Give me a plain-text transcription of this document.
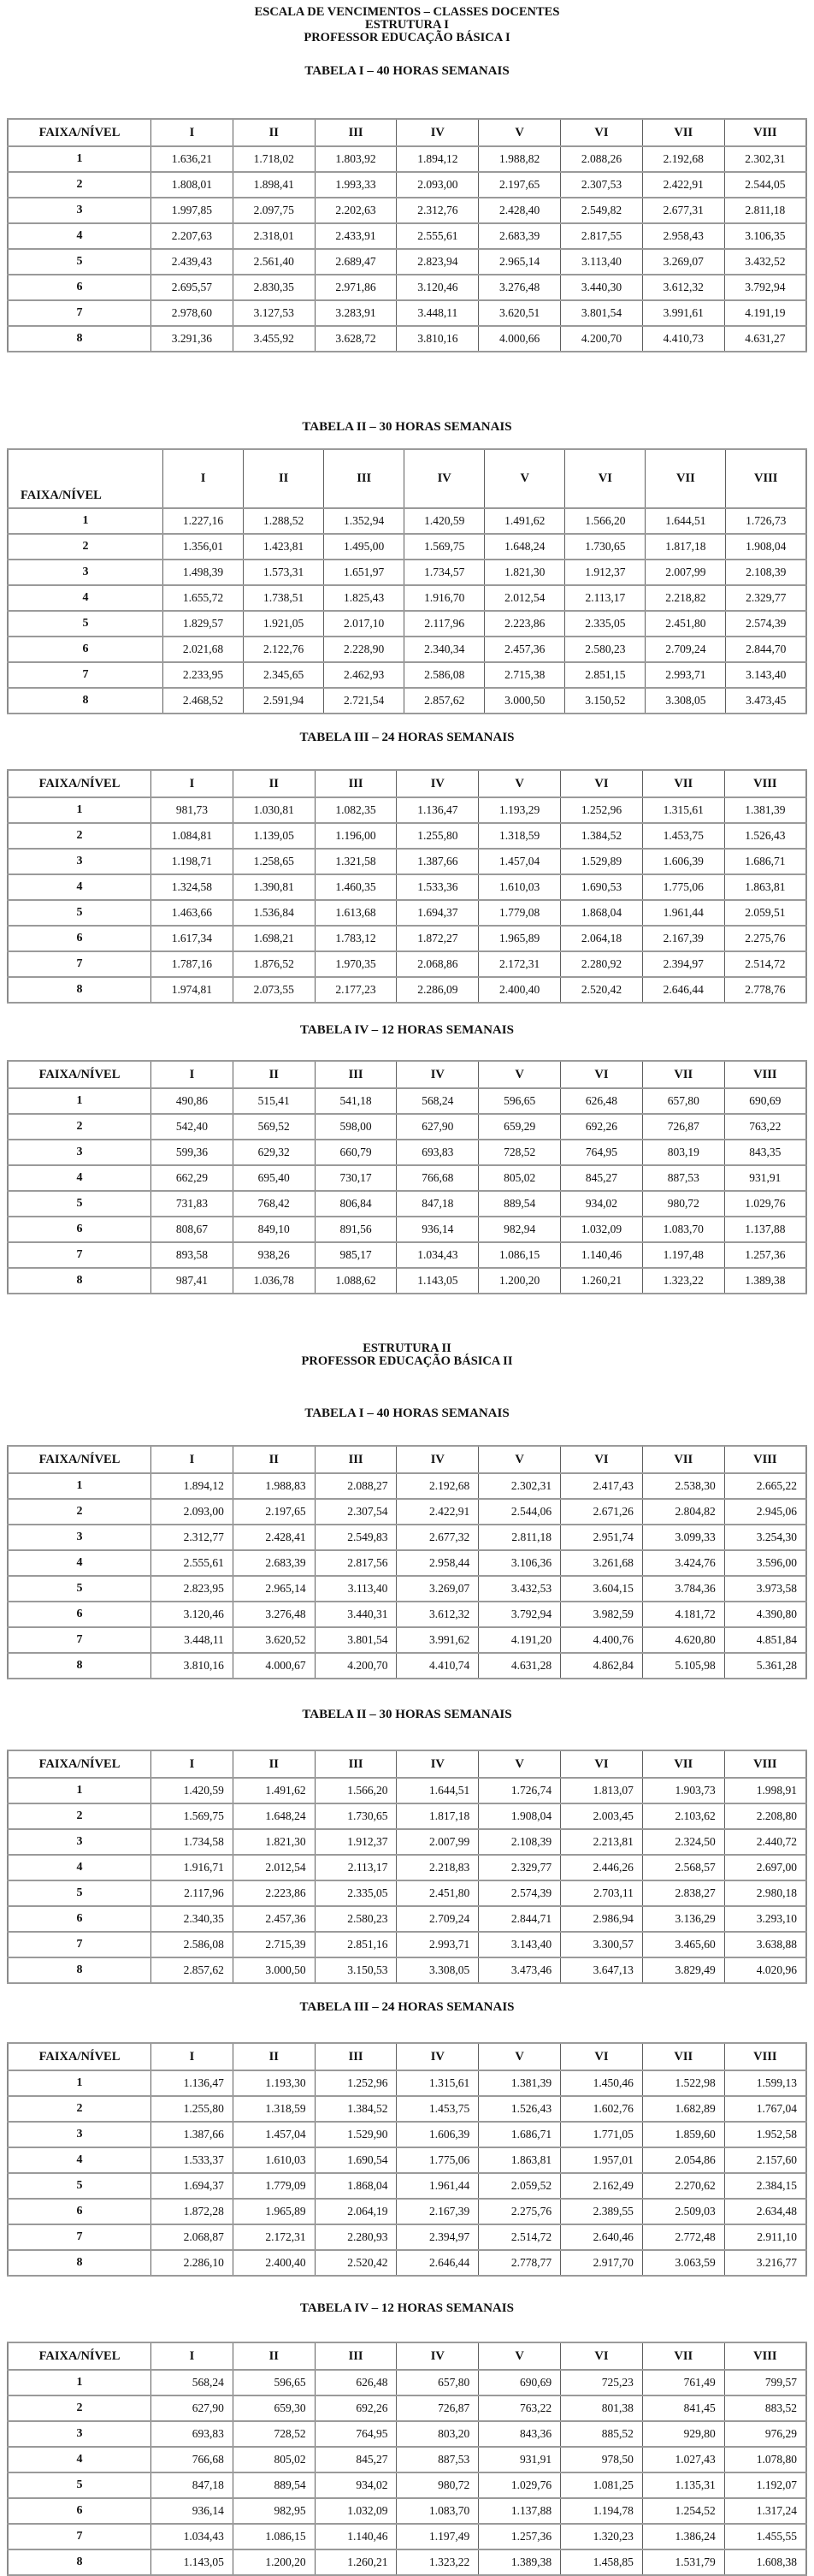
ESCALA DE VENCIMENTOS – CLASSES DOCENTES
ESTRUTURA I
PROFESSOR EDUCAÇÃO BÁSICA I
TABELA I – 40 HORAS SEMANAIS
FAIXA/NÍVEL	I	II	III	IV	V	VI	VII	VIII
1	1.636,21	1.718,02	1.803,92	1.894,12	1.988,82	2.088,26	2.192,68	2.302,31
2	1.808,01	1.898,41	1.993,33	2.093,00	2.197,65	2.307,53	2.422,91	2.544,05
3	1.997,85	2.097,75	2.202,63	2.312,76	2.428,40	2.549,82	2.677,31	2.811,18
4	2.207,63	2.318,01	2.433,91	2.555,61	2.683,39	2.817,55	2.958,43	3.106,35
5	2.439,43	2.561,40	2.689,47	2.823,94	2.965,14	3.113,40	3.269,07	3.432,52
6	2.695,57	2.830,35	2.971,86	3.120,46	3.276,48	3.440,30	3.612,32	3.792,94
7	2.978,60	3.127,53	3.283,91	3.448,11	3.620,51	3.801,54	3.991,61	4.191,19
8	3.291,36	3.455,92	3.628,72	3.810,16	4.000,66	4.200,70	4.410,73	4.631,27
TABELA II – 30 HORAS SEMANAIS
FAIXA/NÍVEL	I	II	III	IV	V	VI	VII	VIII
1	1.227,16	1.288,52	1.352,94	1.420,59	1.491,62	1.566,20	1.644,51	1.726,73
2	1.356,01	1.423,81	1.495,00	1.569,75	1.648,24	1.730,65	1.817,18	1.908,04
3	1.498,39	1.573,31	1.651,97	1.734,57	1.821,30	1.912,37	2.007,99	2.108,39
4	1.655,72	1.738,51	1.825,43	1.916,70	2.012,54	2.113,17	2.218,82	2.329,77
5	1.829,57	1.921,05	2.017,10	2.117,96	2.223,86	2.335,05	2.451,80	2.574,39
6	2.021,68	2.122,76	2.228,90	2.340,34	2.457,36	2.580,23	2.709,24	2.844,70
7	2.233,95	2.345,65	2.462,93	2.586,08	2.715,38	2.851,15	2.993,71	3.143,40
8	2.468,52	2.591,94	2.721,54	2.857,62	3.000,50	3.150,52	3.308,05	3.473,45
TABELA III – 24 HORAS SEMANAIS
FAIXA/NÍVEL	I	II	III	IV	V	VI	VII	VIII
1	981,73	1.030,81	1.082,35	1.136,47	1.193,29	1.252,96	1.315,61	1.381,39
2	1.084,81	1.139,05	1.196,00	1.255,80	1.318,59	1.384,52	1.453,75	1.526,43
3	1.198,71	1.258,65	1.321,58	1.387,66	1.457,04	1.529,89	1.606,39	1.686,71
4	1.324,58	1.390,81	1.460,35	1.533,36	1.610,03	1.690,53	1.775,06	1.863,81
5	1.463,66	1.536,84	1.613,68	1.694,37	1.779,08	1.868,04	1.961,44	2.059,51
6	1.617,34	1.698,21	1.783,12	1.872,27	1.965,89	2.064,18	2.167,39	2.275,76
7	1.787,16	1.876,52	1.970,35	2.068,86	2.172,31	2.280,92	2.394,97	2.514,72
8	1.974,81	2.073,55	2.177,23	2.286,09	2.400,40	2.520,42	2.646,44	2.778,76
TABELA IV – 12 HORAS SEMANAIS
FAIXA/NÍVEL	I	II	III	IV	V	VI	VII	VIII
1	490,86	515,41	541,18	568,24	596,65	626,48	657,80	690,69
2	542,40	569,52	598,00	627,90	659,29	692,26	726,87	763,22
3	599,36	629,32	660,79	693,83	728,52	764,95	803,19	843,35
4	662,29	695,40	730,17	766,68	805,02	845,27	887,53	931,91
5	731,83	768,42	806,84	847,18	889,54	934,02	980,72	1.029,76
6	808,67	849,10	891,56	936,14	982,94	1.032,09	1.083,70	1.137,88
7	893,58	938,26	985,17	1.034,43	1.086,15	1.140,46	1.197,48	1.257,36
8	987,41	1.036,78	1.088,62	1.143,05	1.200,20	1.260,21	1.323,22	1.389,38
ESTRUTURA II
PROFESSOR EDUCAÇÃO BÁSICA II
TABELA I – 40 HORAS SEMANAIS
FAIXA/NÍVEL	I	II	III	IV	V	VI	VII	VIII
1	1.894,12	1.988,83	2.088,27	2.192,68	2.302,31	2.417,43	2.538,30	2.665,22
2	2.093,00	2.197,65	2.307,54	2.422,91	2.544,06	2.671,26	2.804,82	2.945,06
3	2.312,77	2.428,41	2.549,83	2.677,32	2.811,18	2.951,74	3.099,33	3.254,30
4	2.555,61	2.683,39	2.817,56	2.958,44	3.106,36	3.261,68	3.424,76	3.596,00
5	2.823,95	2.965,14	3.113,40	3.269,07	3.432,53	3.604,15	3.784,36	3.973,58
6	3.120,46	3.276,48	3.440,31	3.612,32	3.792,94	3.982,59	4.181,72	4.390,80
7	3.448,11	3.620,52	3.801,54	3.991,62	4.191,20	4.400,76	4.620,80	4.851,84
8	3.810,16	4.000,67	4.200,70	4.410,74	4.631,28	4.862,84	5.105,98	5.361,28
TABELA II – 30 HORAS SEMANAIS
FAIXA/NÍVEL	I	II	III	IV	V	VI	VII	VIII
1	1.420,59	1.491,62	1.566,20	1.644,51	1.726,74	1.813,07	1.903,73	1.998,91
2	1.569,75	1.648,24	1.730,65	1.817,18	1.908,04	2.003,45	2.103,62	2.208,80
3	1.734,58	1.821,30	1.912,37	2.007,99	2.108,39	2.213,81	2.324,50	2.440,72
4	1.916,71	2.012,54	2.113,17	2.218,83	2.329,77	2.446,26	2.568,57	2.697,00
5	2.117,96	2.223,86	2.335,05	2.451,80	2.574,39	2.703,11	2.838,27	2.980,18
6	2.340,35	2.457,36	2.580,23	2.709,24	2.844,71	2.986,94	3.136,29	3.293,10
7	2.586,08	2.715,39	2.851,16	2.993,71	3.143,40	3.300,57	3.465,60	3.638,88
8	2.857,62	3.000,50	3.150,53	3.308,05	3.473,46	3.647,13	3.829,49	4.020,96
TABELA III – 24 HORAS SEMANAIS
FAIXA/NÍVEL	I	II	III	IV	V	VI	VII	VIII
1	1.136,47	1.193,30	1.252,96	1.315,61	1.381,39	1.450,46	1.522,98	1.599,13
2	1.255,80	1.318,59	1.384,52	1.453,75	1.526,43	1.602,76	1.682,89	1.767,04
3	1.387,66	1.457,04	1.529,90	1.606,39	1.686,71	1.771,05	1.859,60	1.952,58
4	1.533,37	1.610,03	1.690,54	1.775,06	1.863,81	1.957,01	2.054,86	2.157,60
5	1.694,37	1.779,09	1.868,04	1.961,44	2.059,52	2.162,49	2.270,62	2.384,15
6	1.872,28	1.965,89	2.064,19	2.167,39	2.275,76	2.389,55	2.509,03	2.634,48
7	2.068,87	2.172,31	2.280,93	2.394,97	2.514,72	2.640,46	2.772,48	2.911,10
8	2.286,10	2.400,40	2.520,42	2.646,44	2.778,77	2.917,70	3.063,59	3.216,77
TABELA IV – 12 HORAS SEMANAIS
FAIXA/NÍVEL	I	II	III	IV	V	VI	VII	VIII
1	568,24	596,65	626,48	657,80	690,69	725,23	761,49	799,57
2	627,90	659,30	692,26	726,87	763,22	801,38	841,45	883,52
3	693,83	728,52	764,95	803,20	843,36	885,52	929,80	976,29
4	766,68	805,02	845,27	887,53	931,91	978,50	1.027,43	1.078,80
5	847,18	889,54	934,02	980,72	1.029,76	1.081,25	1.135,31	1.192,07
6	936,14	982,95	1.032,09	1.083,70	1.137,88	1.194,78	1.254,52	1.317,24
7	1.034,43	1.086,15	1.140,46	1.197,49	1.257,36	1.320,23	1.386,24	1.455,55
8	1.143,05	1.200,20	1.260,21	1.323,22	1.389,38	1.458,85	1.531,79	1.608,38
